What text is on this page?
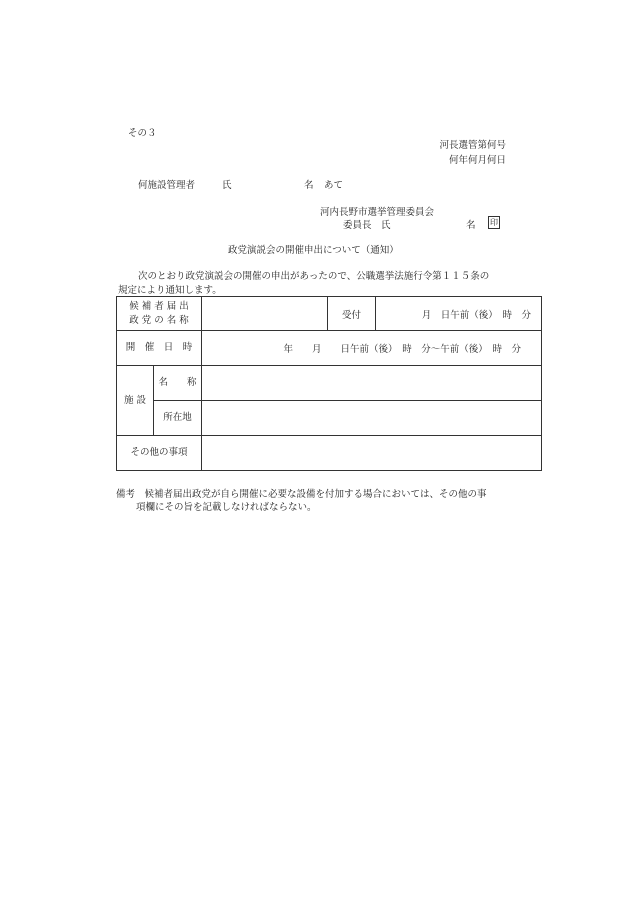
その３
河長選管第何号
何年何月何日
何施設管理者	氏	名 あて
河内長野市選挙管理委員会
委員長 氏	名	印
政党演説会の開催申出について（通知）
次のとおり政党演説会の開催の申出があったので、公職選挙法施行令第１１５条の
規定により通知します。
候 補 者 届 出
政 党 の 名 称			受付	月　日午前（後）　時　分
開　催　日　時		年　　月　　日午前（後）　時　分～午前（後）　時　分		
施 設	名　　称			
	所在地			
その他の事項				
備考　候補者届出政党が自ら開催に必要な設備を付加する場合においては、その他の事
項欄にその旨を記載しなければならない。
